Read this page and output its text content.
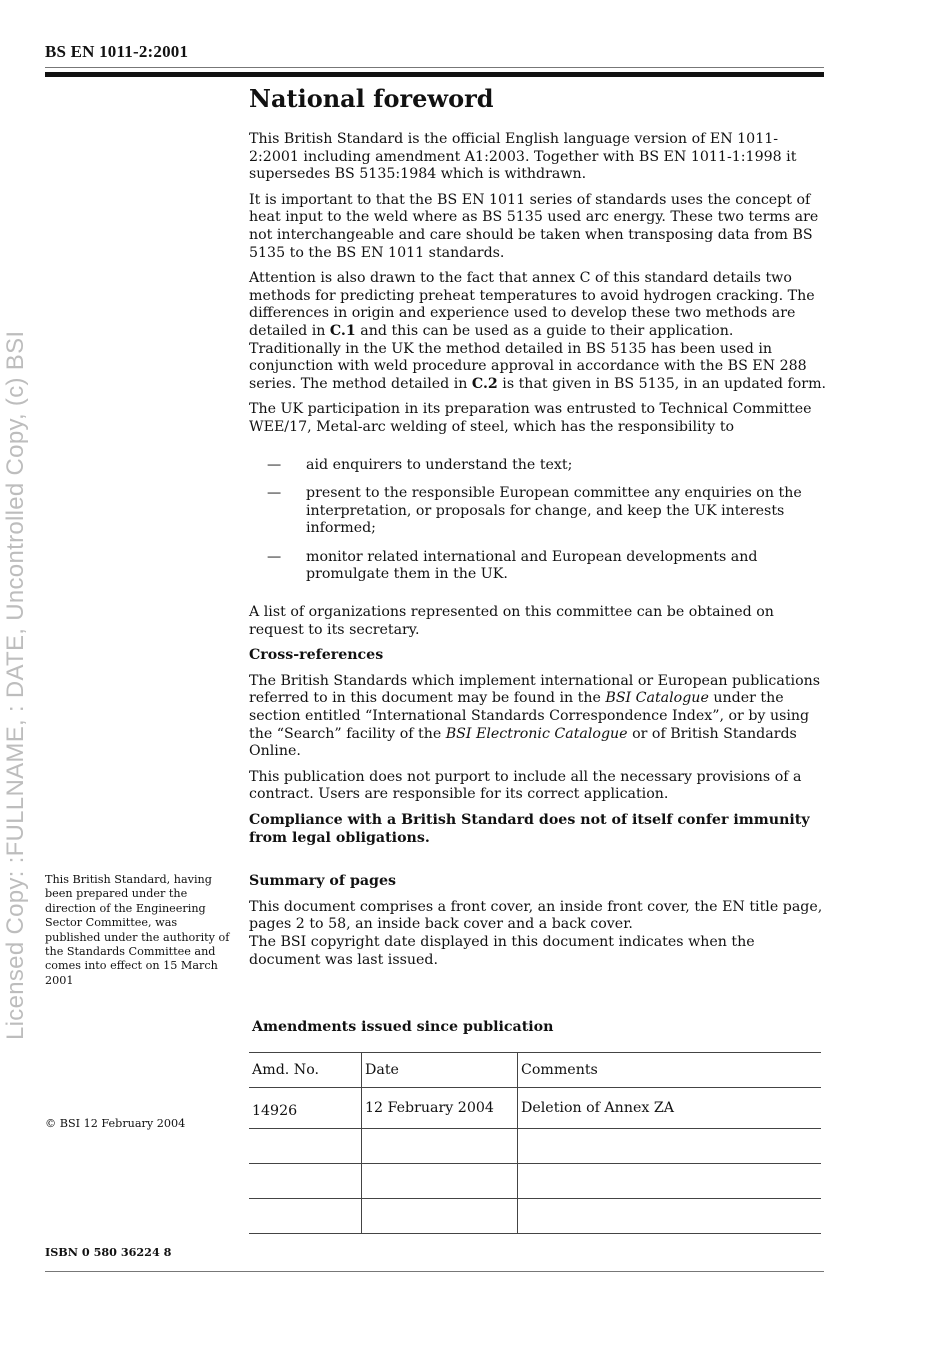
BS EN 1011-2:2001
Licensed Copy: :FULLNAME, : DATE, Uncontrolled Copy, (c) BSI
National foreword

This British Standard is the official English language version of EN 1011-2:2001 including amendment A1:2003. Together with BS EN 1011-1:1998 it supersedes BS 5135:1984 which is withdrawn.

It is important to that the BS EN 1011 series of standards uses the concept of heat input to the weld where as BS 5135 used arc energy. These two terms are not interchangeable and care should be taken when transposing data from BS 5135 to the BS EN 1011 standards.

Attention is also drawn to the fact that annex C of this standard details two methods for predicting preheat temperatures to avoid hydrogen cracking. The differences in origin and experience used to develop these two methods are detailed in C.1 and this can be used as a guide to their application. Traditionally in the UK the method detailed in BS 5135 has been used in conjunction with weld procedure approval in accordance with the BS EN 288 series. The method detailed in C.2 is that given in BS 5135, in an updated form.

The UK participation in its preparation was entrusted to Technical Committee WEE/17, Metal-arc welding of steel, which has the responsibility to

—	aid enquirers to understand the text;
—	present to the responsible European committee any enquiries on the interpretation, or proposals for change, and keep the UK interests informed;
—	monitor related international and European developments and promulgate them in the UK.

A list of organizations represented on this committee can be obtained on request to its secretary.

Cross-references

The British Standards which implement international or European publications referred to in this document may be found in the BSI Catalogue under the section entitled “International Standards Correspondence Index”, or by using the “Search” facility of the BSI Electronic Catalogue or of British Standards Online.

This publication does not purport to include all the necessary provisions of a contract. Users are responsible for its correct application.

Compliance with a British Standard does not of itself confer immunity from legal obligations.

Summary of pages

This document comprises a front cover, an inside front cover, the EN title page, pages 2 to 58, an inside back cover and a back cover.

The BSI copyright date displayed in this document indicates when the document was last issued.

This British Standard, having been prepared under the direction of the Engineering Sector Committee, was published under the authority of the Standards Committee and comes into effect on 15 March 2001
© BSI 12 February 2004
Amendments issued since publication
Amd. No.	Date	Comments
14926	12 February 2004	Deletion of Annex ZA

ISBN 0 580 36224 8
